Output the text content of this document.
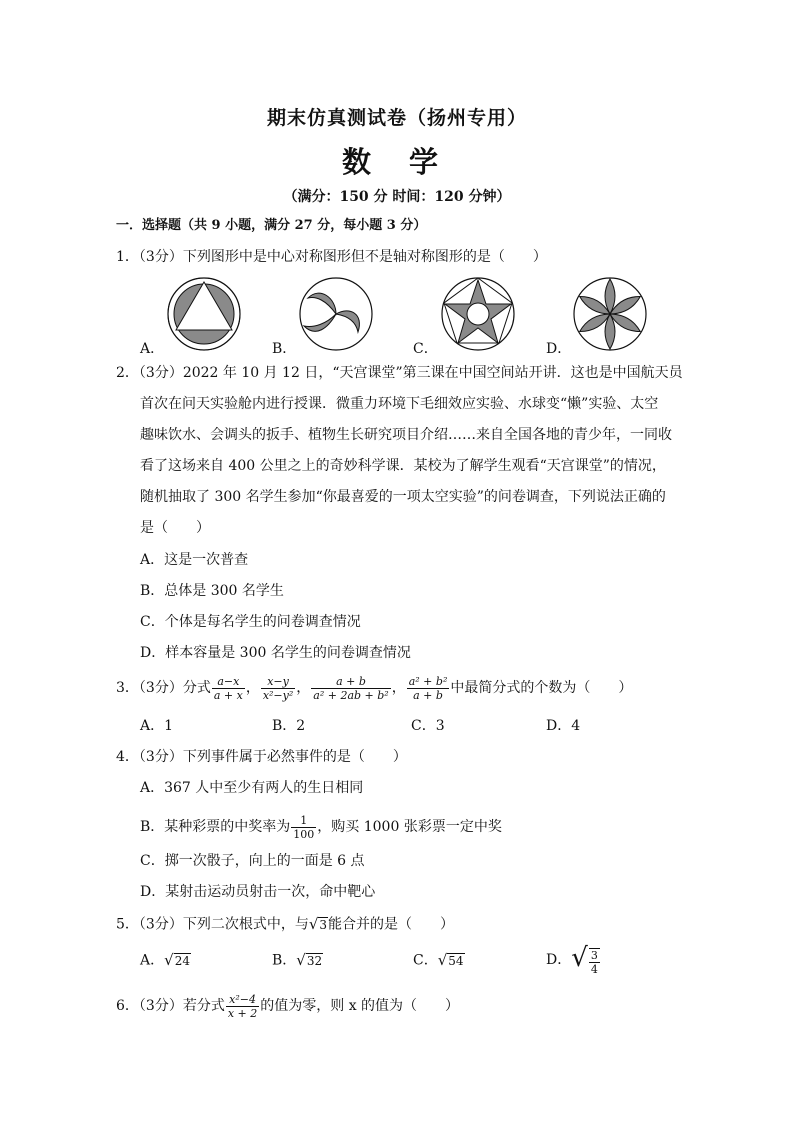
期末仿真测试卷（扬州专用）
数 学
（满分：150 分 时间：120 分钟）
一．选择题（共 9 小题，满分 27 分，每小题 3 分）
1．（3分）下列图形中是中心对称图形但不是轴对称图形的是（　　）
A．	B．	C．	D．
2．（3分）2022 年 10 月 12 日，“天宫课堂”第三课在中国空间站开讲．这也是中国航天员
首次在问天实验舱内进行授课．微重力环境下毛细效应实验、水球变“懒”实验、太空
趣味饮水、会调头的扳手、植物生长研究项目介绍……来自全国各地的青少年，一同收
看了这场来自 400 公里之上的奇妙科学课．某校为了解学生观看“天宫课堂”的情况，
随机抽取了 300 名学生参加“你最喜爱的一项太空实验”的问卷调查，下列说法正确的
是（　　）
A．这是一次普查
B．总体是 300 名学生
C．个体是每名学生的问卷调查情况
D．样本容量是 300 名学生的问卷调查情况
3．（3分）分式 $\frac{a-x}{a + x}$ ， $\frac{x-y}{\text{x²−y²}}$ ， $\frac{a + b}{\text{a² + 2ab + b²}}$ ， $\frac{\text{a² + b²}}{a + b}$ 中最简分式的个数为（　　）
A．1	B．2	C．3	D．4
4．（3分）下列事件属于必然事件的是（　　）
A．367 人中至少有两人的生日相同
B．某种彩票的中奖率为 $\frac{1}{100}$ ，购买 1000 张彩票一定中奖
C．掷一次骰子，向上的一面是 6 点
D．某射击运动员射击一次，命中靶心
5．（3分）下列二次根式中，与√3能合并的是（　　）
A．√24	B．√32	C．√54	D．√ $\frac{3}{4}$
6．（3分）若分式 $\frac{\text{x²−4}}{x + 2}$ 的值为零，则 x 的值为（　　）
